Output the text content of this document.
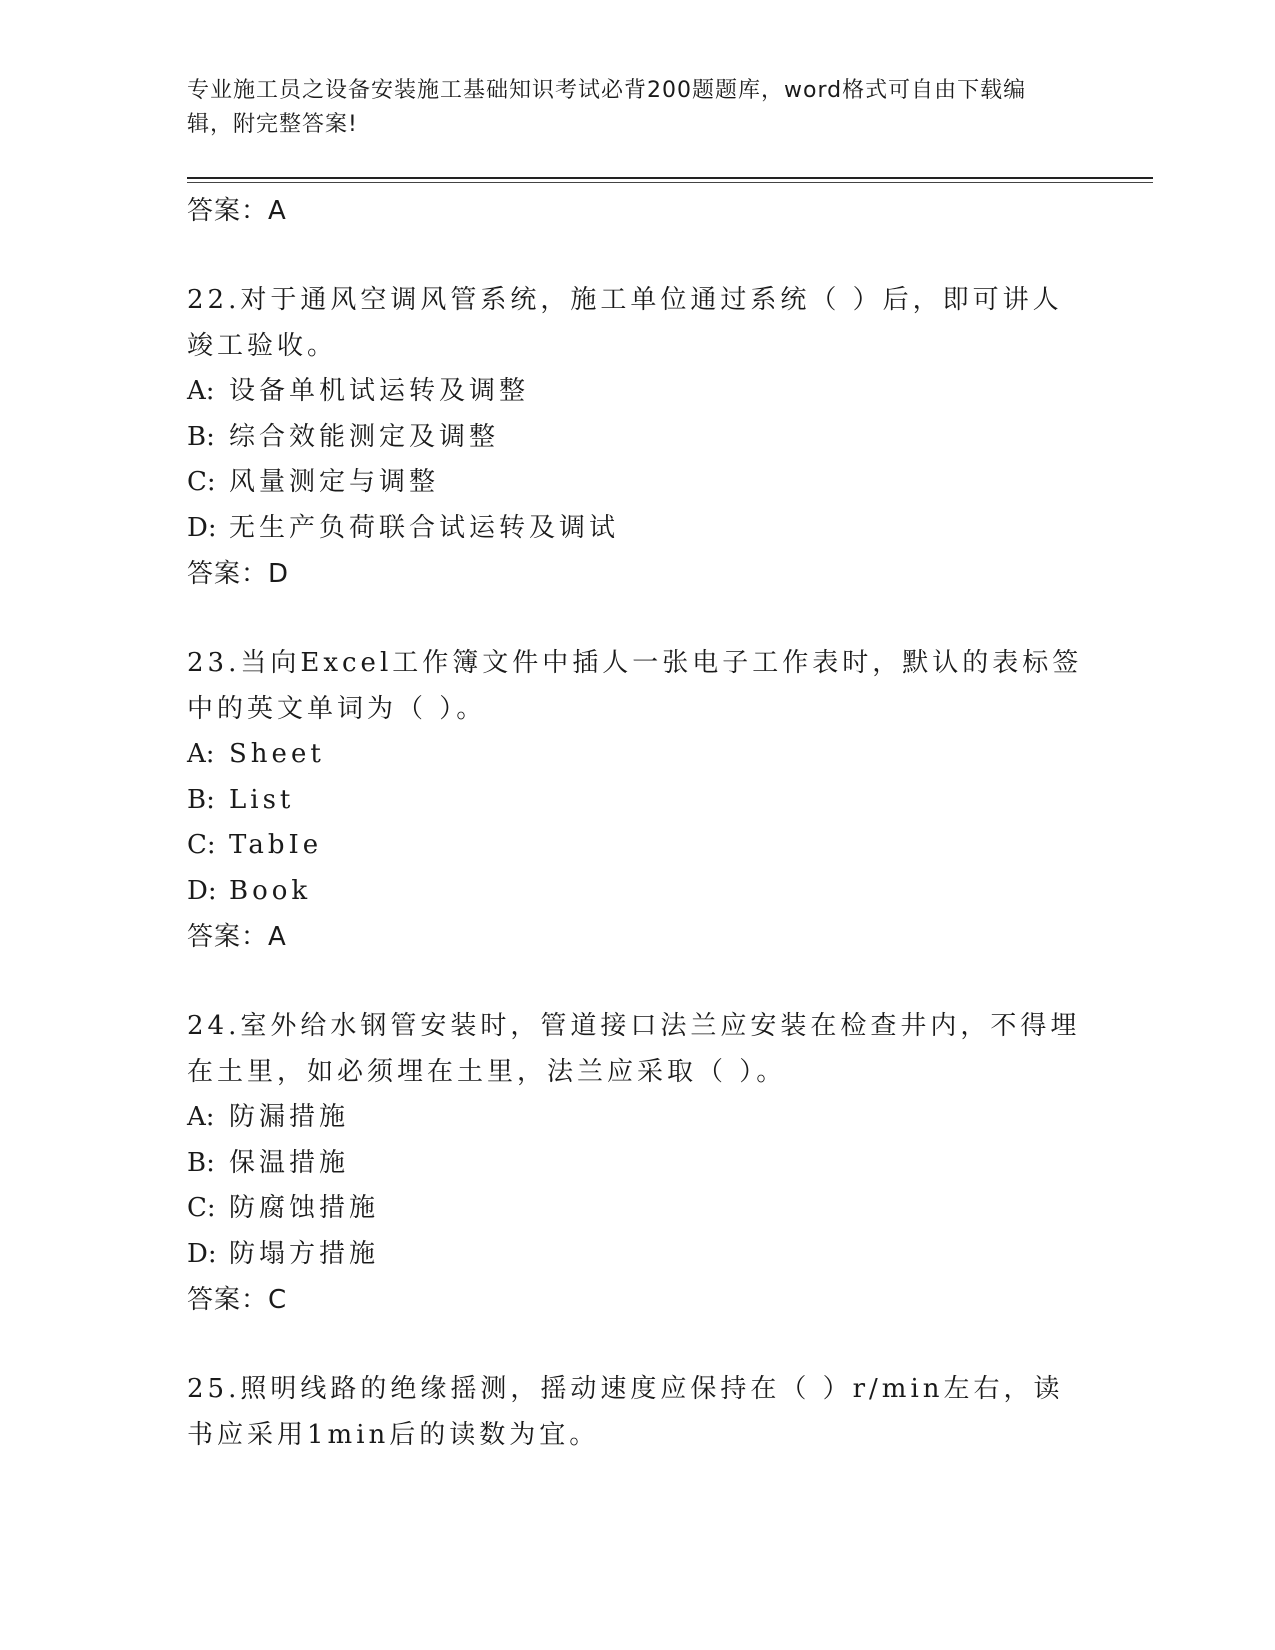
专业施工员之设备安装施工基础知识考试必背200题题库，word格式可自由下载编辑，附完整答案!
答案：A
22.对于通风空调风管系统，施工单位通过系统（ ）后，即可讲人竣工验收。
A: 设备单机试运转及调整
B: 综合效能测定及调整
C: 风量测定与调整
D: 无生产负荷联合试运转及调试
答案：D
23.当向Excel工作簿文件中插人一张电子工作表时，默认的表标签中的英文单词为（ ）。
A: Sheet
B: List
C: TabIe
D: Book
答案：A
24.室外给水钢管安装时，管道接口法兰应安装在检查井内，不得埋在土里，如必须埋在土里，法兰应采取（ ）。
A: 防漏措施
B: 保温措施
C: 防腐蚀措施
D: 防塌方措施
答案：C
25.照明线路的绝缘摇测，摇动速度应保持在（ ）r/min左右，读书应采用1min后的读数为宜。
